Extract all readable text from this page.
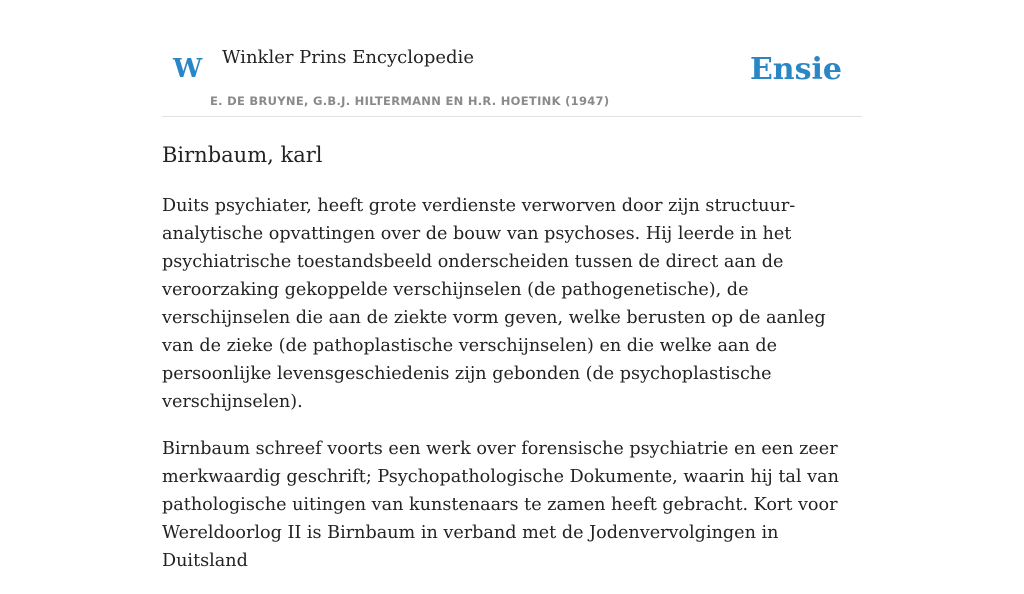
W Winkler Prins Encyclopedie
E. DE BRUYNE, G.B.J. HILTERMANN EN H.R. HOETINK (1947)
Ensie
Birnbaum, karl

Duits psychiater, heeft grote verdienste verworven door zijn structuur-analytische opvattingen over de bouw van psychoses. Hij leerde in het psychiatrische toestandsbeeld onderscheiden tussen de direct aan de veroorzaking gekoppelde verschijnselen (de pathogenetische), de verschijnselen die aan de ziekte vorm geven, welke berusten op de aanleg van de zieke (de pathoplastische verschijnselen) en die welke aan de persoonlijke levensgeschiedenis zijn gebonden (de psychoplastische verschijnselen).

Birnbaum schreef voorts een werk over forensische psychiatrie en een zeer merkwaardig geschrift; Psychopathologische Dokumente, waarin hij tal van pathologische uitingen van kunstenaars te zamen heeft gebracht. Kort voor Wereldoorlog II is Birnbaum in verband met de Jodenvervolgingen in Duitsland
